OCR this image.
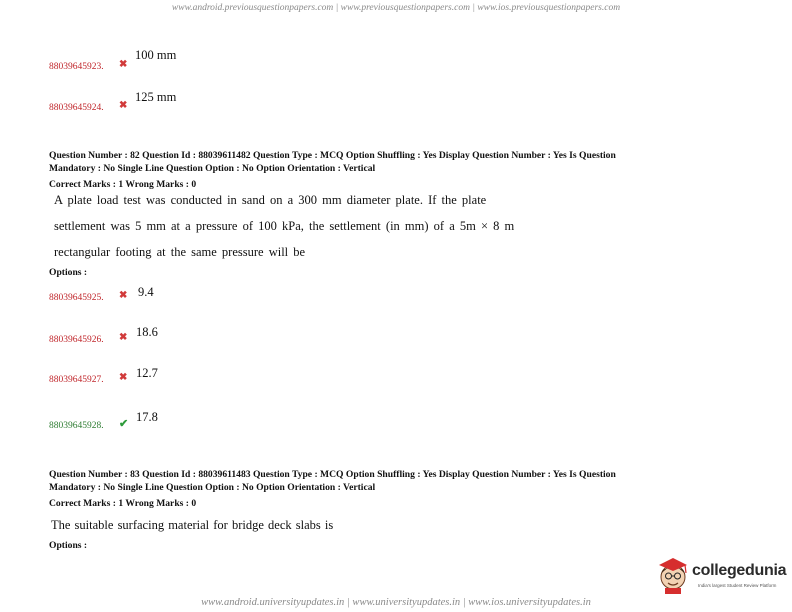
www.android.previousquestionpapers.com | www.previousquestionpapers.com | www.ios.previousquestionpapers.com
88039645923. ✖
100 mm
88039645924. ✖
125 mm
Question Number : 82 Question Id : 88039611482 Question Type : MCQ Option Shuffling : Yes Display Question Number : Yes Is Question
Mandatory : No Single Line Question Option : No Option Orientation : Vertical
Correct Marks : 1 Wrong Marks : 0
A plate load test was conducted in sand on a 300 mm diameter plate. If the plate
settlement was 5 mm at a pressure of 100 kPa, the settlement (in mm) of a 5m × 8 m
rectangular footing at the same pressure will be
Options :
88039645925. ✖ 9.4
88039645926. ✖ 18.6
88039645927. ✖ 12.7
88039645928. ✔ 17.8
Question Number : 83 Question Id : 88039611483 Question Type : MCQ Option Shuffling : Yes Display Question Number : Yes Is Question
Mandatory : No Single Line Question Option : No Option Orientation : Vertical
Correct Marks : 1 Wrong Marks : 0
The suitable surfacing material for bridge deck slabs is
Options :
collegedunia
India's largest Student Review Platform
www.android.universityupdates.in | www.universityupdates.in | www.ios.universityupdates.in
